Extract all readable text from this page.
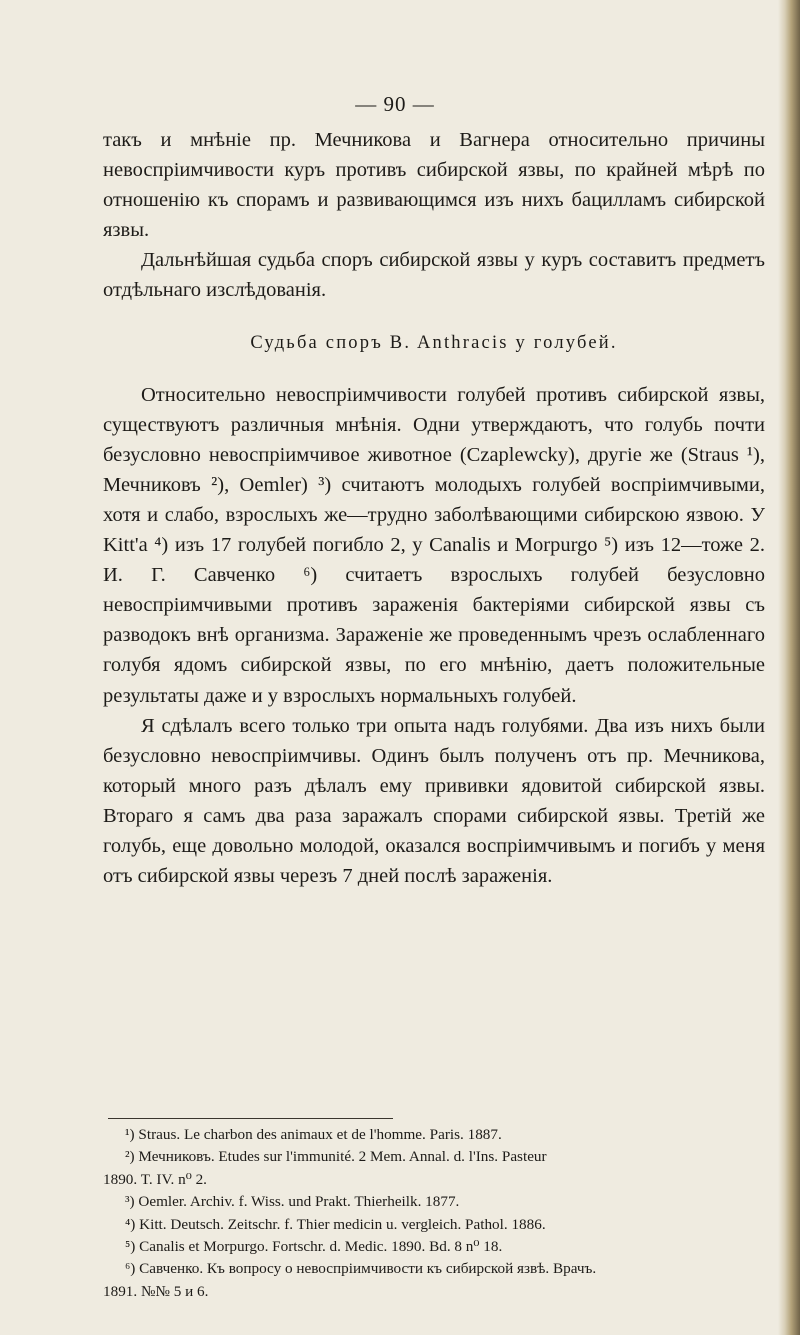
— 90 —

такъ и мнѣніе пр. Мечникова и Вагнера относительно причины невоспріимчивости куръ противъ сибирской язвы, по крайней мѣрѣ по отношенію къ спорамъ и развивающимся изъ нихъ бацилламъ сибирской язвы.

Дальнѣйшая судьба споръ сибирской язвы у куръ составитъ предметъ отдѣльнаго изслѣдованія.

Судьба споръ B. Anthracis у голубей.

Относительно невоспріимчивости голубей противъ сибирской язвы, существуютъ различныя мнѣнія. Одни утверждаютъ, что голубь почти безусловно невоспріимчивое животное (Czaplewcky), другіе же (Straus ¹), Мечниковъ ²), Oemler) ³) считаютъ молодыхъ голубей воспріимчивыми, хотя и слабо, взрослыхъ же—трудно заболѣвающими сибирскою язвою. У Kitt'a ⁴) изъ 17 голубей погибло 2, у Canalis и Morpurgo ⁵) изъ 12—тоже 2. И. Г. Савченко ⁶) считаетъ взрослыхъ голубей безусловно невоспріимчивыми противъ зараженія бактеріями сибирской язвы съ разводокъ внѣ организма. Зараженіе же проведеннымъ чрезъ ослабленнаго голубя ядомъ сибирской язвы, по его мнѣнію, даетъ положительные результаты даже и у взрослыхъ нормальныхъ голубей.

Я сдѣлалъ всего только три опыта надъ голубями. Два изъ нихъ были безусловно невоспріимчивы. Одинъ былъ полученъ отъ пр. Мечникова, который много разъ дѣлалъ ему прививки ядовитой сибирской язвы. Втораго я самъ два раза заражалъ спорами сибирской язвы. Третій же голубь, еще довольно молодой, оказался воспріимчивымъ и погибъ у меня отъ сибирской язвы черезъ 7 дней послѣ зараженія.

¹) Straus. Le charbon des animaux et de l'homme. Paris. 1887.

²) Мечниковъ. Etudes sur l'immunité. 2 Mem. Annal. d. l'Ins. Pasteur

1890. T. IV. n⁰ 2.

³) Oemler. Archiv. f. Wiss. und Prakt. Thierheilk. 1877.

⁴) Kitt. Deutsch. Zeitschr. f. Thier medicin u. vergleich. Pathol. 1886.

⁵) Canalis et Morpurgo. Fortschr. d. Medic. 1890. Bd. 8 n⁰ 18.

⁶) Савченко. Къ вопросу о невоспріимчивости къ сибирской язвѣ. Врачъ.

1891. №№ 5 и 6.
